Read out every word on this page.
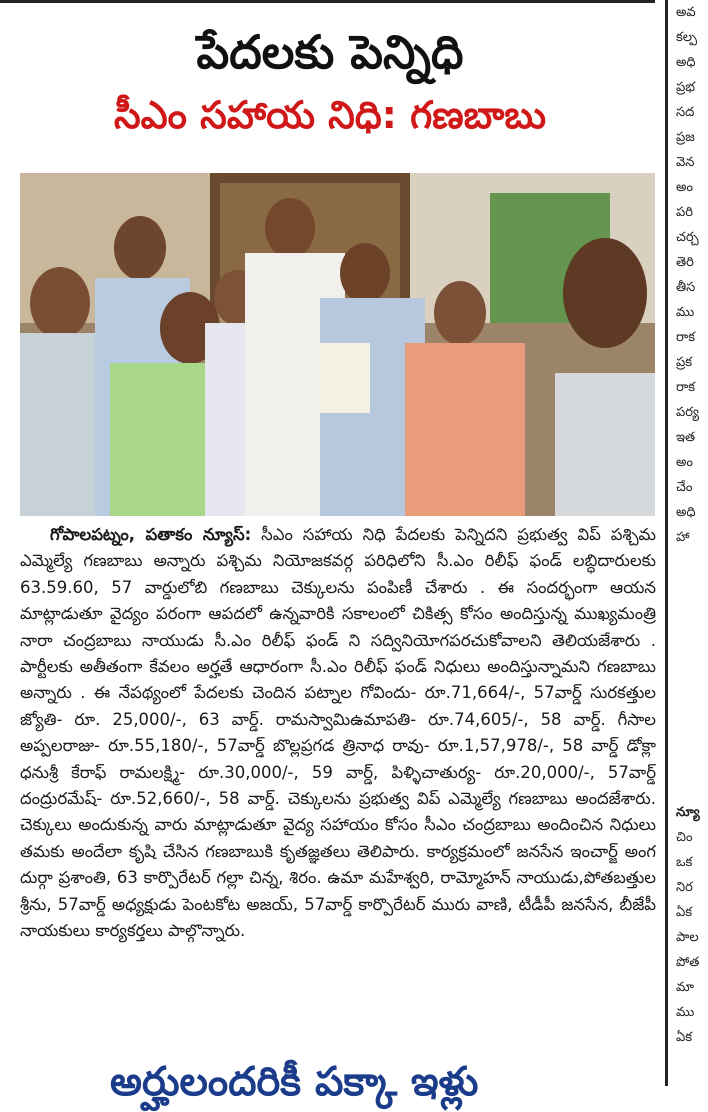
పేదలకు పెన్నిధి
సీఎం సహాయ నిధి: గణబాబు
గోపాలపట్నం, పతాకం న్యూస్: సీఎం సహాయ నిధి పేదలకు పెన్నిదని ప్రభుత్వ విప్ పశ్చిమ ఎమ్మెల్యే గణబాబు అన్నారు పశ్చిమ నియోజకవర్గ పరిధిలోని సీ.ఎం రిలీఫ్ ఫండ్ లబ్ధిదారులకు 63.59.60, 57 వార్డులోబి గణబాబు చెక్కులను పంపిణీ చేశారు . ఈ సందర్భంగా ఆయన మాట్లాడుతూ వైద్యం పరంగా ఆపదలో ఉన్నవారికి సకాలంలో చికిత్స కోసం అందిస్తున్న ముఖ్యమంత్రి నారా చంద్రబాబు నాయుడు సీ.ఎం రిలీఫ్ ఫండ్ ని సద్వినియోగపరచుకోవాలని తెలియజేశారు . పార్టీలకు అతీతంగా కేవలం అర్హతే ఆధారంగా సీ.ఎం రిలీఫ్ ఫండ్ నిధులు అందిస్తున్నామని గణబాబు అన్నారు . ఈ నేపథ్యంలో పేదలకు చెందిన పట్నాల గోవిందు- రూ.71,664/-, 57వార్డ్ సురకత్తుల జ్యోతి- రూ. 25,000/-, 63 వార్డ్. రామస్వామిఉమాపతి- రూ.74,605/-, 58 వార్డ్. గీసాల అప్పలరాజు- రూ.55,180/-, 57వార్డ్ బొల్లప్రగడ త్రినాధ రావు- రూ.1,57,978/-, 58 వార్డ్ డోక్లా ధనుశ్రీ కేరాఫ్ రామలక్ష్మి- రూ.30,000/-, 59 వార్డ్, పిళ్ళిచాతుర్య- రూ.20,000/-, 57వార్డ్ దంద్రురమేష్- రూ.52,660/-, 58 వార్డ్. చెక్కులను ప్రభుత్వ విప్ ఎమ్మెల్యే గణబాబు అందజేశారు. చెక్కులు అందుకున్న వారు మాట్లాడుతూ వైద్య సహాయం కోసం సీఎం చంద్రబాబు అందించిన నిధులు తమకు అందేలా కృషి చేసిన గణబాబుకి కృతజ్ఞతలు తెలిపారు. కార్యక్రమంలో జనసేన ఇంచార్జ్ అంగ దుర్గా ప్రశాంతి, 63 కార్పొరేటర్ గల్లా చిన్న, శిరం. ఉమా మహేశ్వరి, రామ్మోహన్ నాయుడు,పోతబత్తుల శ్రీను, 57వార్డ్ అధ్యక్షుడు పెంటకోట అజయ్, 57వార్డ్ కార్పొరేటర్ మురు వాణి, టీడీపీ జనసేన, బీజేపీ నాయకులు కార్యకర్తలు పాల్గొన్నారు.
అర్హులందరికీ పక్కా ఇళ్లు
అవ
కల్ప
అధి
ప్రభ
సద
ప్రజ
వెన
అం
పరి
చర్చ
తెరి
తీస
ము
రాక
ప్రక
రాక
పర్య
ఇత
అం
చేం
అధి
హా
న్యూ
చిం
ఒక
నిర
ఏక
పాల
పోత
మా
ము
ఏక
